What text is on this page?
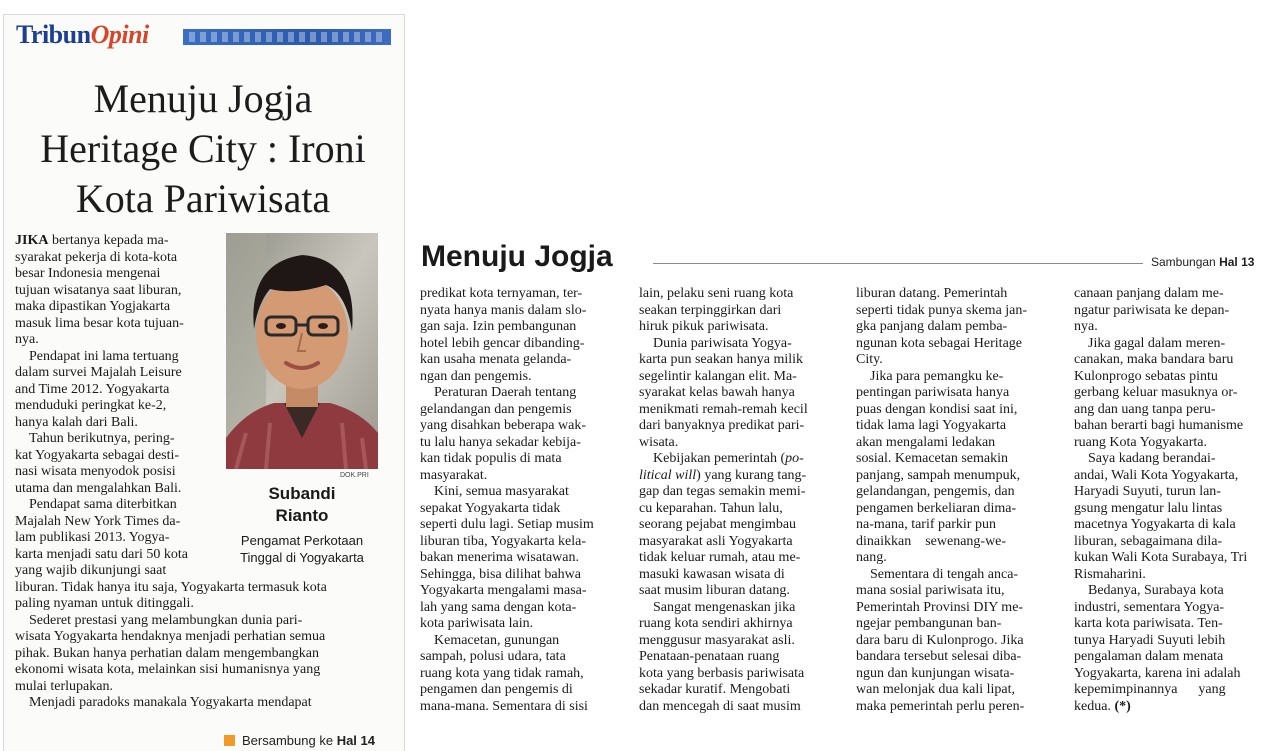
TribunOpini
Menuju Jogja
Heritage City : Ironi
Kota Pariwisata
DOK.PRI
Subandi
Rianto
Pengamat Perkotaan
Tinggal di Yogyakarta
JIKA bertanya kepada ma-
syarakat pekerja di kota-kota
besar Indonesia mengenai
tujuan wisatanya saat liburan,
maka dipastikan Yogjakarta
masuk lima besar kota tujuan-
nya.
Pendapat ini lama tertuang
dalam survei Majalah Leisure
and Time 2012. Yogyakarta
menduduki peringkat ke-2,
hanya kalah dari Bali.
Tahun berikutnya, pering-
kat Yogyakarta sebagai desti-
nasi wisata menyodok posisi
utama dan mengalahkan Bali.
Pendapat sama diterbitkan
Majalah New York Times da-
lam publikasi 2013. Yogya-
karta menjadi satu dari 50 kota
yang wajib dikunjungi saat
liburan. Tidak hanya itu saja, Yogyakarta termasuk kota
paling nyaman untuk ditinggali.
Sederet prestasi yang melambungkan dunia pari-
wisata Yogyakarta hendaknya menjadi perhatian semua
pihak. Bukan hanya perhatian dalam mengembangkan
ekonomi wisata kota, melainkan sisi humanisnya yang
mulai terlupakan.
Menjadi paradoks manakala Yogyakarta mendapat
Bersambung ke Hal 14
Menuju Jogja	Sambungan Hal 13
predikat kota ternyaman, ter-
nyata hanya manis dalam slo-
gan saja. Izin pembangunan
hotel lebih gencar dibanding-
kan usaha menata gelanda-
ngan dan pengemis.
Peraturan Daerah tentang
gelandangan dan pengemis
yang disahkan beberapa wak-
tu lalu hanya sekadar kebija-
kan tidak populis di mata
masyarakat.
Kini, semua masyarakat
sepakat Yogyakarta tidak
seperti dulu lagi. Setiap musim
liburan tiba, Yogyakarta kela-
bakan menerima wisatawan.
Sehingga, bisa dilihat bahwa
Yogyakarta mengalami masa-
lah yang sama dengan kota-
kota pariwisata lain.
Kemacetan, gunungan
sampah, polusi udara, tata
ruang kota yang tidak ramah,
pengamen dan pengemis di
mana-mana. Sementara di sisi
lain, pelaku seni ruang kota
seakan terpinggirkan dari
hiruk pikuk pariwisata.
Dunia pariwisata Yogya-
karta pun seakan hanya milik
segelintir kalangan elit. Ma-
syarakat kelas bawah hanya
menikmati remah-remah kecil
dari banyaknya predikat pari-
wisata.
Kebijakan pemerintah (po-
litical will) yang kurang tang-
gap dan tegas semakin memi-
cu keparahan. Tahun lalu,
seorang pejabat mengimbau
masyarakat asli Yogyakarta
tidak keluar rumah, atau me-
masuki kawasan wisata di
saat musim liburan datang.
Sangat mengenaskan jika
ruang kota sendiri akhirnya
menggusur masyarakat asli.
Penataan-penataan ruang
kota yang berbasis pariwisata
sekadar kuratif. Mengobati
dan mencegah di saat musim
liburan datang. Pemerintah
seperti tidak punya skema jan-
gka panjang dalam pemba-
ngunan kota sebagai Heritage
City.
Jika para pemangku ke-
pentingan pariwisata hanya
puas dengan kondisi saat ini,
tidak lama lagi Yogyakarta
akan mengalami ledakan
sosial. Kemacetan semakin
panjang, sampah menumpuk,
gelandangan, pengemis, dan
pengamen berkeliaran dima-
na-mana, tarif parkir pun
dinaikkan    sewenang-we-
nang.
Sementara di tengah anca-
mana sosial pariwisata itu,
Pemerintah Provinsi DIY me-
ngejar pembangunan ban-
dara baru di Kulonprogo. Jika
bandara tersebut selesai diba-
ngun dan kunjungan wisata-
wan melonjak dua kali lipat,
maka pemerintah perlu peren-
canaan panjang dalam me-
ngatur pariwisata ke depan-
nya.
Jika gagal dalam meren-
canakan, maka bandara baru
Kulonprogo sebatas pintu
gerbang keluar masuknya or-
ang dan uang tanpa peru-
bahan berarti bagi humanisme
ruang Kota Yogyakarta.
Saya kadang berandai-
andai, Wali Kota Yogyakarta,
Haryadi Suyuti, turun lan-
gsung mengatur lalu lintas
macetnya Yogyakarta di kala
liburan, sebagaimana dila-
kukan Wali Kota Surabaya, Tri
Rismaharini.
Bedanya, Surabaya kota
industri, sementara Yogya-
karta kota pariwisata. Ten-
tunya Haryadi Suyuti lebih
pengalaman dalam menata
Yogyakarta, karena ini adalah
kepemimpinannya      yang
kedua. (*)
